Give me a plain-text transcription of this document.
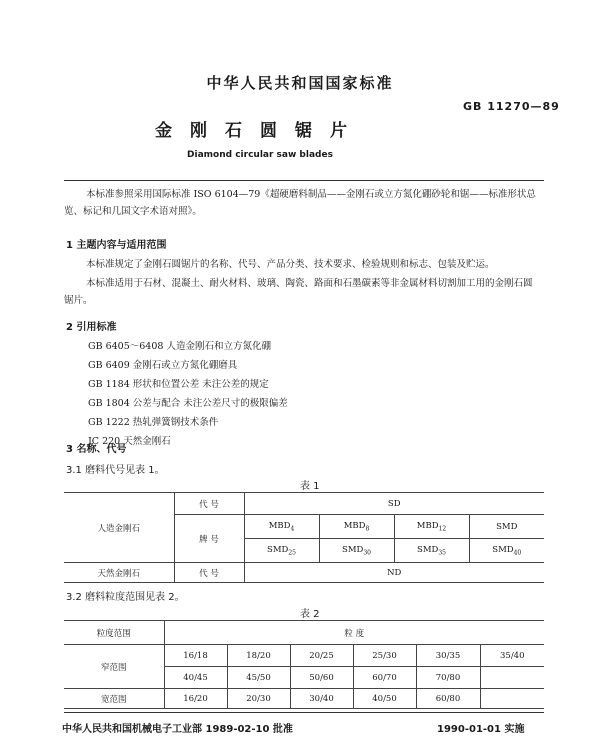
中华人民共和国国家标准
GB 11270—89
金刚石圆锯片
Diamond circular saw blades
本标准参照采用国际标准 ISO 6104—79《超硬磨料制品——金刚石或立方氮化硼砂轮和锯——标准形状总览、标记和几国文字术语对照》。
1 主题内容与适用范围
本标准规定了金刚石圆锯片的名称、代号、产品分类、技术要求、检验规则和标志、包装及贮运。
本标准适用于石材、混凝土、耐火材料、玻璃、陶瓷、路面和石墨碳素等非金属材料切割加工用的金刚石圆锯片。
2 引用标准
GB 6405～6408 人造金刚石和立方氮化硼
GB 6409 金刚石或立方氮化硼磨具
GB 1184 形状和位置公差 未注公差的规定
GB 1804 公差与配合 未注公差尺寸的极限偏差
GB 1222 热轧弹簧钢技术条件
JC 220 天然金刚石
3 名称、代号
3.1 磨料代号见表 1。
表 1
人造金刚石	代 号	SD			
	牌 号	$MBD_4$	$MBD_8$	$MBD_{12}$	SMD
		$SMD_{25}$	$SMD_{30}$	$SMD_{35}$	$SMD_{40}$
天然金刚石	代 号	ND			
3.2 磨料粒度范围见表 2。
表 2
粒度范围	粒 度					
窄范围	16/18	18/20	20/25	25/30	30/35	35/40
	40/45	45/50	50/60	60/70	70/80	
宽范围	16/20	20/30	30/40	40/50	60/80	
中华人民共和国机械电子工业部 1989-02-10 批准	1990-01-01 实施
